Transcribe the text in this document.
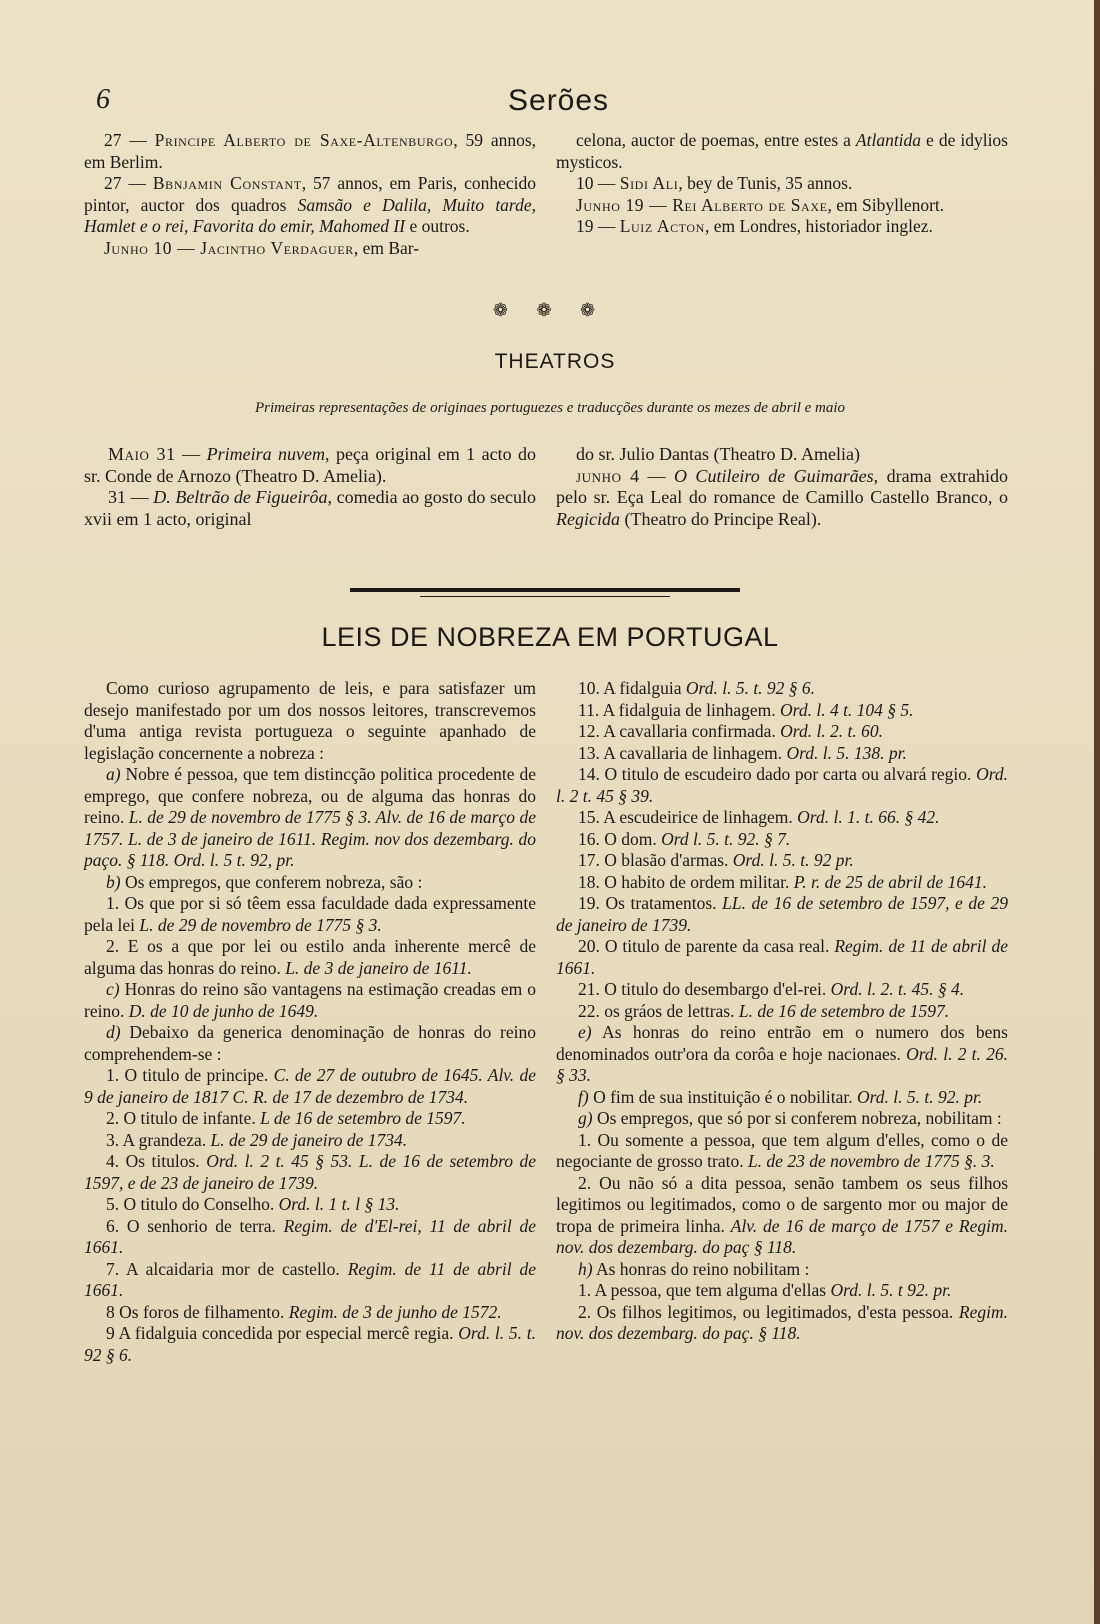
6	Serões

27 — Principe Alberto de Saxe-Altenburgo, 59 annos, em Berlim.

27 — Bbnjamin Constant, 57 annos, em Paris, conhecido pintor, auctor dos quadros Samsão e Dalila, Muito tarde, Hamlet e o rei, Favorita do emir, Mahomed II e outros.

Junho 10 — Jacintho Verdaguer, em Bar-

celona, auctor de poemas, entre estes a Atlantida e de idylios mysticos.

10 — Sidi Ali, bey de Tunis, 35 annos.

Junho 19 — Rei Alberto de Saxe, em Sibyllenort.

19 — Luiz Acton, em Londres, historiador inglez.

❁ ❁ ❁
THEATROS
Primeiras representações de originaes portuguezes e traducções durante os mezes de abril e maio

Maio 31 — Primeira nuvem, peça original em 1 acto do sr. Conde de Arnozo (Theatro D. Amelia).

31 — D. Beltrão de Figueirôa, comedia ao gosto do seculo xvii em 1 acto, original

do sr. Julio Dantas (Theatro D. Amelia)

junho 4 — O Cutileiro de Guimarães, drama extrahido pelo sr. Eça Leal do romance de Camillo Castello Branco, o Regicida (Theatro do Principe Real).

LEIS DE NOBREZA EM PORTUGAL

Como curioso agrupamento de leis, e para satisfazer um desejo manifestado por um dos nossos leitores, transcrevemos d'uma antiga revista portugueza o seguinte apanhado de legislação concernente a nobreza :

a) Nobre é pessoa, que tem distincção politica procedente de emprego, que confere nobreza, ou de alguma das honras do reino. L. de 29 de novembro de 1775 § 3. Alv. de 16 de março de 1757. L. de 3 de janeiro de 1611. Regim. nov dos dezembarg. do paço. § 118. Ord. l. 5 t. 92, pr.

b) Os empregos, que conferem nobreza, são :

1. Os que por si só têem essa faculdade dada expressamente pela lei L. de 29 de novembro de 1775 § 3.

2. E os a que por lei ou estilo anda inherente mercê de alguma das honras do reino. L. de 3 de janeiro de 1611.

c) Honras do reino são vantagens na estimação creadas em o reino. D. de 10 de junho de 1649.

d) Debaixo da generica denominação de honras do reino comprehendem-se :

1. O titulo de principe. C. de 27 de outubro de 1645. Alv. de 9 de janeiro de 1817 C. R. de 17 de dezembro de 1734.

2. O titulo de infante. L de 16 de setembro de 1597.

3. A grandeza. L. de 29 de janeiro de 1734.

4. Os titulos. Ord. l. 2 t. 45 § 53. L. de 16 de setembro de 1597, e de 23 de janeiro de 1739.

5. O titulo do Conselho. Ord. l. 1 t. l § 13.

6. O senhorio de terra. Regim. de d'El-rei, 11 de abril de 1661.

7. A alcaidaria mor de castello. Regim. de 11 de abril de 1661.

8 Os foros de filhamento. Regim. de 3 de junho de 1572.

9 A fidalguia concedida por especial mercê regia. Ord. l. 5. t. 92 § 6.

10. A fidalguia Ord. l. 5. t. 92 § 6.

11. A fidalguia de linhagem. Ord. l. 4 t. 104 § 5.

12. A cavallaria confirmada. Ord. l. 2. t. 60.

13. A cavallaria de linhagem. Ord. l. 5. 138. pr.

14. O titulo de escudeiro dado por carta ou alvará regio. Ord. l. 2 t. 45 § 39.

15. A escudeirice de linhagem. Ord. l. 1. t. 66. § 42.

16. O dom. Ord l. 5. t. 92. § 7.

17. O blasão d'armas. Ord. l. 5. t. 92 pr.

18. O habito de ordem militar. P. r. de 25 de abril de 1641.

19. Os tratamentos. LL. de 16 de setembro de 1597, e de 29 de janeiro de 1739.

20. O titulo de parente da casa real. Regim. de 11 de abril de 1661.

21. O titulo do desembargo d'el-rei. Ord. l. 2. t. 45. § 4.

22. os gráos de lettras. L. de 16 de setembro de 1597.

e) As honras do reino entrão em o numero dos bens denominados outr'ora da corôa e hoje nacionaes. Ord. l. 2 t. 26. § 33.

f) O fim de sua instituição é o nobilitar. Ord. l. 5. t. 92. pr.

g) Os empregos, que só por si conferem nobreza, nobilitam :

1. Ou somente a pessoa, que tem algum d'elles, como o de negociante de grosso trato. L. de 23 de novembro de 1775 §. 3.

2. Ou não só a dita pessoa, senão tambem os seus filhos legitimos ou legitimados, como o de sargento mor ou major de tropa de primeira linha. Alv. de 16 de março de 1757 e Regim. nov. dos dezembarg. do paç § 118.

h) As honras do reino nobilitam :

1. A pessoa, que tem alguma d'ellas Ord. l. 5. t 92. pr.

2. Os filhos legitimos, ou legitimados, d'esta pessoa. Regim. nov. dos dezembarg. do paç. § 118.
